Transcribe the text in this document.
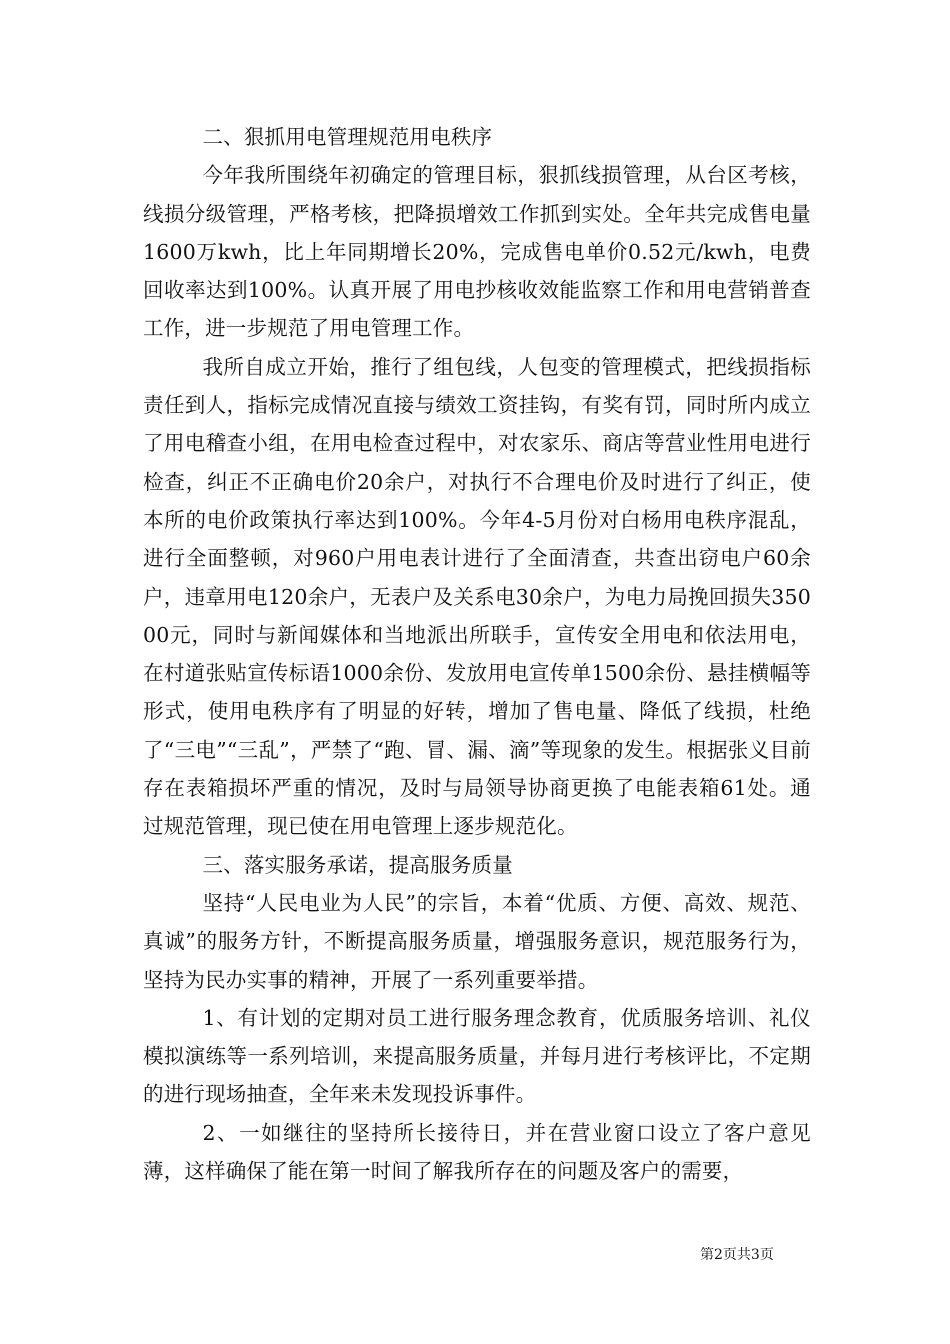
二、狠抓用电管理规范用电秩序

今年我所围绕年初确定的管理目标，狠抓线损管理，从台区考核，线损分级管理，严格考核，把降损增效工作抓到实处。全年共完成售电量1600万kwh，比上年同期增长20%，完成售电单价0.52元/kwh，电费回收率达到100%。认真开展了用电抄核收效能监察工作和用电营销普查工作，进一步规范了用电管理工作。

我所自成立开始，推行了组包线，人包变的管理模式，把线损指标责任到人，指标完成情况直接与绩效工资挂钩，有奖有罚，同时所内成立了用电稽查小组，在用电检查过程中，对农家乐、商店等营业性用电进行检查，纠正不正确电价20余户，对执行不合理电价及时进行了纠正，使本所的电价政策执行率达到100%。今年4-5月份对白杨用电秩序混乱，进行全面整顿，对960户用电表计进行了全面清查，共查出窃电户60余户，违章用电120余户，无表户及关系电30余户，为电力局挽回损失35000元，同时与新闻媒体和当地派出所联手，宣传安全用电和依法用电，在村道张贴宣传标语1000余份、发放用电宣传单1500余份、悬挂横幅等形式，使用电秩序有了明显的好转，增加了售电量、降低了线损，杜绝了“三电”“三乱”，严禁了“跑、冒、漏、滴”等现象的发生。根据张义目前存在表箱损坏严重的情况，及时与局领导协商更换了电能表箱61处。通过规范管理，现已使在用电管理上逐步规范化。

三、落实服务承诺，提高服务质量

坚持“人民电业为人民”的宗旨，本着“优质、方便、高效、规范、真诚”的服务方针，不断提高服务质量，增强服务意识，规范服务行为，坚持为民办实事的精神，开展了一系列重要举措。

1、有计划的定期对员工进行服务理念教育，优质服务培训、礼仪模拟演练等一系列培训，来提高服务质量，并每月进行考核评比，不定期的进行现场抽查，全年来未发现投诉事件。

2、一如继往的坚持所长接待日，并在营业窗口设立了客户意见薄，这样确保了能在第一时间了解我所存在的问题及客户的需要，

第2页共3页
